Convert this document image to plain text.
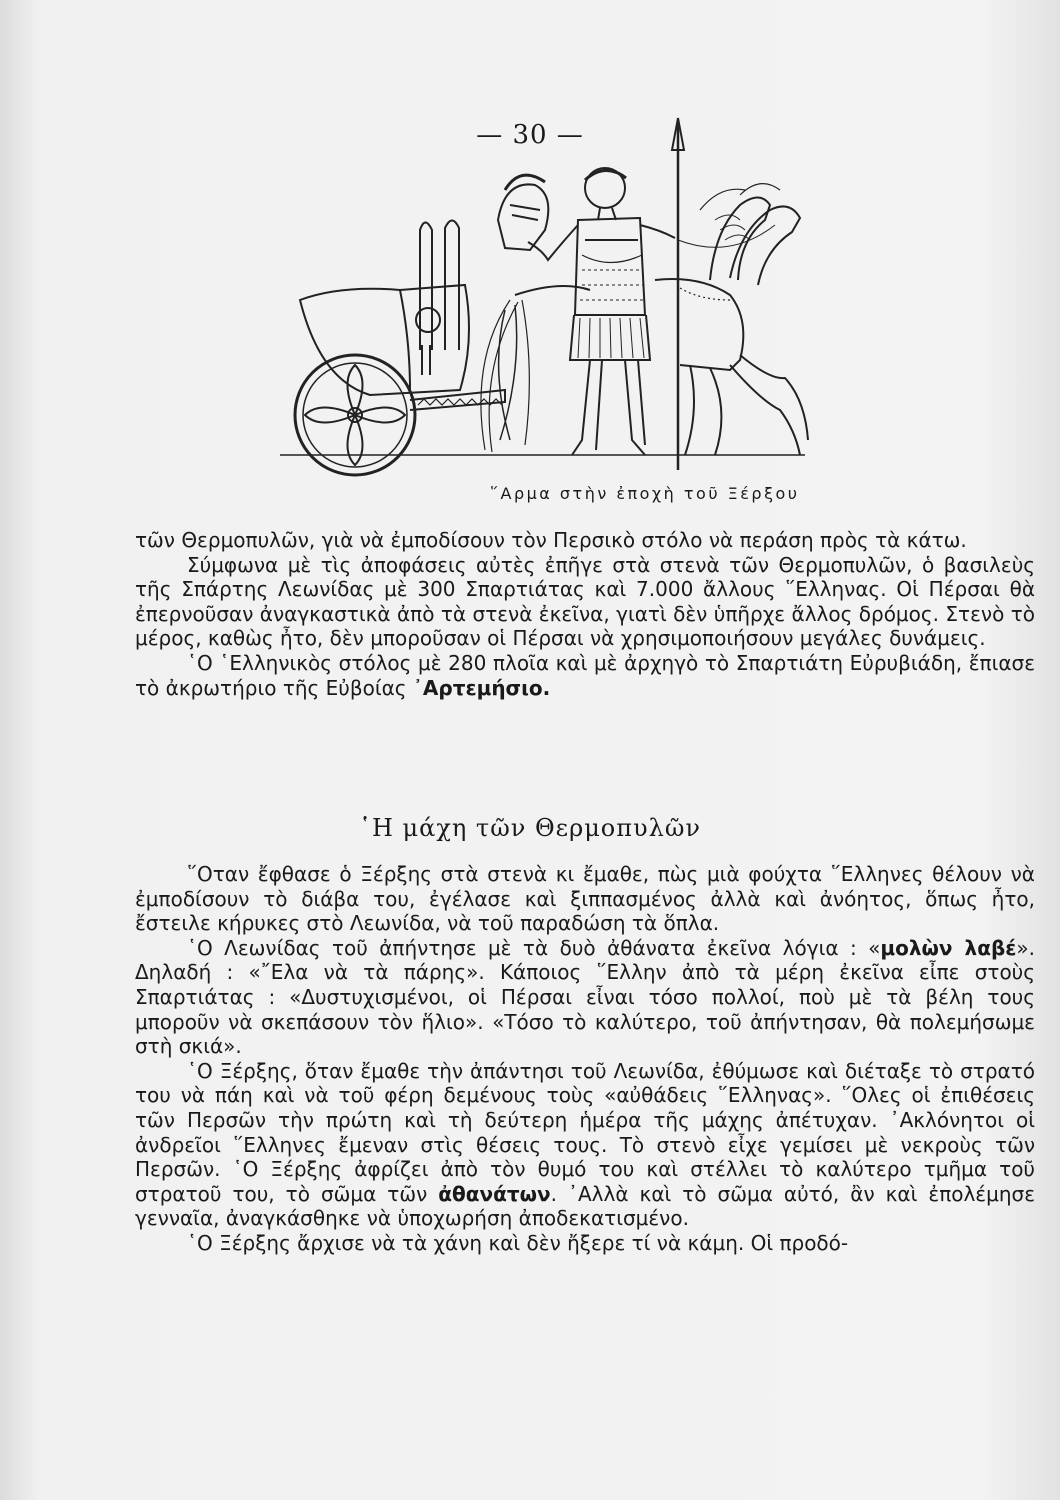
— 30 —
῞Αρμα στὴν ἐποχὴ τοῦ Ξέρξου

τῶν Θερμοπυλῶν, γιὰ νὰ ἐμποδίσουν τὸν Περσικὸ στόλο νὰ περάση πρὸς τὰ κάτω.

Σύμφωνα μὲ τὶς ἀποφάσεις αὐτὲς ἐπῆγε στὰ στενὰ τῶν Θερμοπυλῶν, ὁ βασιλεὺς τῆς Σπάρτης Λεωνίδας μὲ 300 Σπαρτιάτας καὶ 7.000 ἄλλους ῞Ελληνας. Οἱ Πέρσαι θὰ ἐπερνοῦσαν ἀναγκαστικὰ ἀπὸ τὰ στενὰ ἐκεῖνα, γιατὶ δὲν ὑπῆρχε ἄλλος δρόμος. Στενὸ τὸ μέρος, καθὼς ἦτο, δὲν μποροῦσαν οἱ Πέρσαι νὰ χρησιμοποιήσουν μεγάλες δυνάμεις.

῾Ο ῾Ελληνικὸς στόλος μὲ 280 πλοῖα καὶ μὲ ἀρχηγὸ τὸ Σπαρτιάτη Εὐρυβιάδη, ἔπιασε τὸ ἀκρωτήριο τῆς Εὐβοίας ᾿Αρτεμήσιο.

῾Η μάχη τῶν Θερμοπυλῶν

῞Οταν ἔφθασε ὁ Ξέρξης στὰ στενὰ κι ἔμαθε, πὼς μιὰ φούχτα ῞Ελληνες θέλουν νὰ ἐμποδίσουν τὸ διάβα του, ἐγέλασε καὶ ξιππασμένος ἀλλὰ καὶ ἀνόητος, ὅπως ἦτο, ἔστειλε κήρυκες στὸ Λεωνίδα, νὰ τοῦ παραδώση τὰ ὅπλα.

῾Ο Λεωνίδας τοῦ ἀπήντησε μὲ τὰ δυὸ ἀθάνατα ἐκεῖνα λόγια : «μολὼν λαβέ». Δηλαδή : «῎Ελα νὰ τὰ πάρης». Κάποιος ῞Ελλην ἀπὸ τὰ μέρη ἐκεῖνα εἶπε στοὺς Σπαρτιάτας : «Δυστυχισμένοι, οἱ Πέρσαι εἶναι τόσο πολλοί, ποὺ μὲ τὰ βέλη τους μποροῦν νὰ σκεπάσουν τὸν ἥλιο». «Τόσο τὸ καλύτερο, τοῦ ἀπήντησαν, θὰ πολεμήσωμε στὴ σκιά».

῾Ο Ξέρξης, ὅταν ἔμαθε τὴν ἀπάντησι τοῦ Λεωνίδα, ἐθύμωσε καὶ διέταξε τὸ στρατό του νὰ πάη καὶ νὰ τοῦ φέρη δεμένους τοὺς «αὐθάδεις ῞Ελληνας». ῞Ολες οἱ ἐπιθέσεις τῶν Περσῶν τὴν πρώτη καὶ τὴ δεύτερη ἡμέρα τῆς μάχης ἀπέτυχαν. ᾿Ακλόνητοι οἱ ἀνδρεῖοι ῞Ελληνες ἔμεναν στὶς θέσεις τους. Τὸ στενὸ εἶχε γεμίσει μὲ νεκροὺς τῶν Περσῶν. ῾Ο Ξέρξης ἀφρίζει ἀπὸ τὸν θυμό του καὶ στέλλει τὸ καλύτερο τμῆμα τοῦ στρατοῦ του, τὸ σῶμα τῶν ἀθανάτων. ᾿Αλλὰ καὶ τὸ σῶμα αὐτό, ἂν καὶ ἐπολέμησε γενναῖα, ἀναγκάσθηκε νὰ ὑποχωρήση ἀποδεκατισμένο.

῾Ο Ξέρξης ἄρχισε νὰ τὰ χάνη καὶ δὲν ἤξερε τί νὰ κάμη. Οἱ προδό-
